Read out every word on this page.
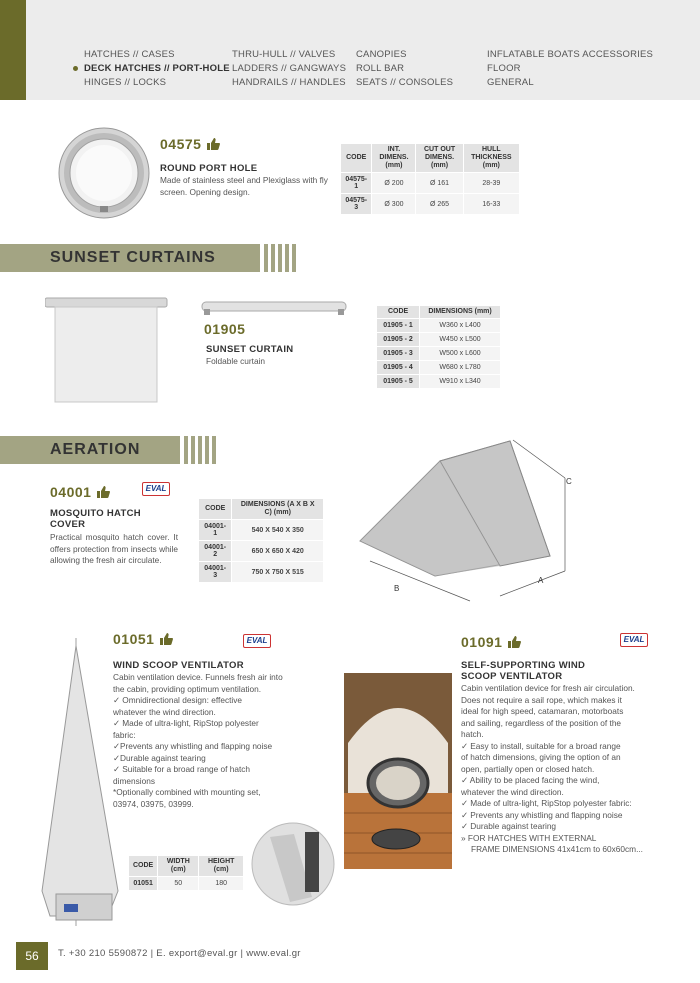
HATCHES // CASES
DECK HATCHES // PORT-HOLE
HINGES // LOCKS
THRU-HULL // VALVES
LADDERS // GANGWAYS
HANDRAILS // HANDLES
CANOPIES
ROLL BAR
SEATS // CONSOLES
INFLATABLE BOATS ACCESSORIES
FLOOR
GENERAL
04575
ROUND PORT HOLE
Made of stainless steel and Plexiglass with fly screen. Opening design.
CODE	INT. DIMENS. (mm)	CUT OUT DIMENS. (mm)	HULL THICKNESS (mm)
04575-1	Ø 200	Ø 161	28-39
04575-3	Ø 300	Ø 265	16-33
SUNSET CURTAINS
01905
SUNSET CURTAIN
Foldable curtain
CODE	DIMENSIONS (mm)
01905 - 1	W360 x L400
01905 - 2	W450 x L500
01905 - 3	W500 x L600
01905 - 4	W680 x L780
01905 - 5	W910 x L340
AERATION
04001	EVAL
MOSQUITO HATCH COVER
Practical mosquito hatch cover. It offers protection from insects while allowing the fresh air circulate.
CODE	DIMENSIONS (A X B X C) (mm)
04001-1	540 X 540 X 350
04001-2	650 X 650 X 420
04001-3	750 X 750 X 515
C
A
B
01051	EVAL
WIND SCOOP VENTILATOR
Cabin ventilation device. Funnels fresh air into
the cabin, providing optimum ventilation.
✓ Omnidirectional design: effective
whatever the wind direction.
✓ Made of ultra-light, RipStop polyester
fabric:
✓Prevents any whistling and flapping noise
✓Durable against tearing
✓ Suitable for a broad range of hatch
dimensions
*Optionally combined with mounting set,
03974, 03975, 03999.
CODE	WIDTH (cm)	HEIGHT (cm)
01051	50	180
01091	EVAL
SELF-SUPPORTING WIND SCOOP VENTILATOR
Cabin ventilation device for fresh air circulation.
Does not require a sail rope, which makes it
ideal for high speed, catamaran, motorboats
and sailing, regardless of the position of the
hatch.
✓ Easy to install, suitable for a broad range
of hatch dimensions, giving the option of an
open, partially open or closed hatch.
✓ Ability to be placed facing the wind,
whatever the wind direction.
✓ Made of ultra-light, RipStop polyester fabric:
✓ Prevents any whistling and flapping noise
✓ Durable against tearing
» FOR HATCHES WITH EXTERNAL
FRAME DIMENSIONS 41x41cm to 60x60cm...
56	T. +30 210 5590872 | E. export@eval.gr | www.eval.gr
